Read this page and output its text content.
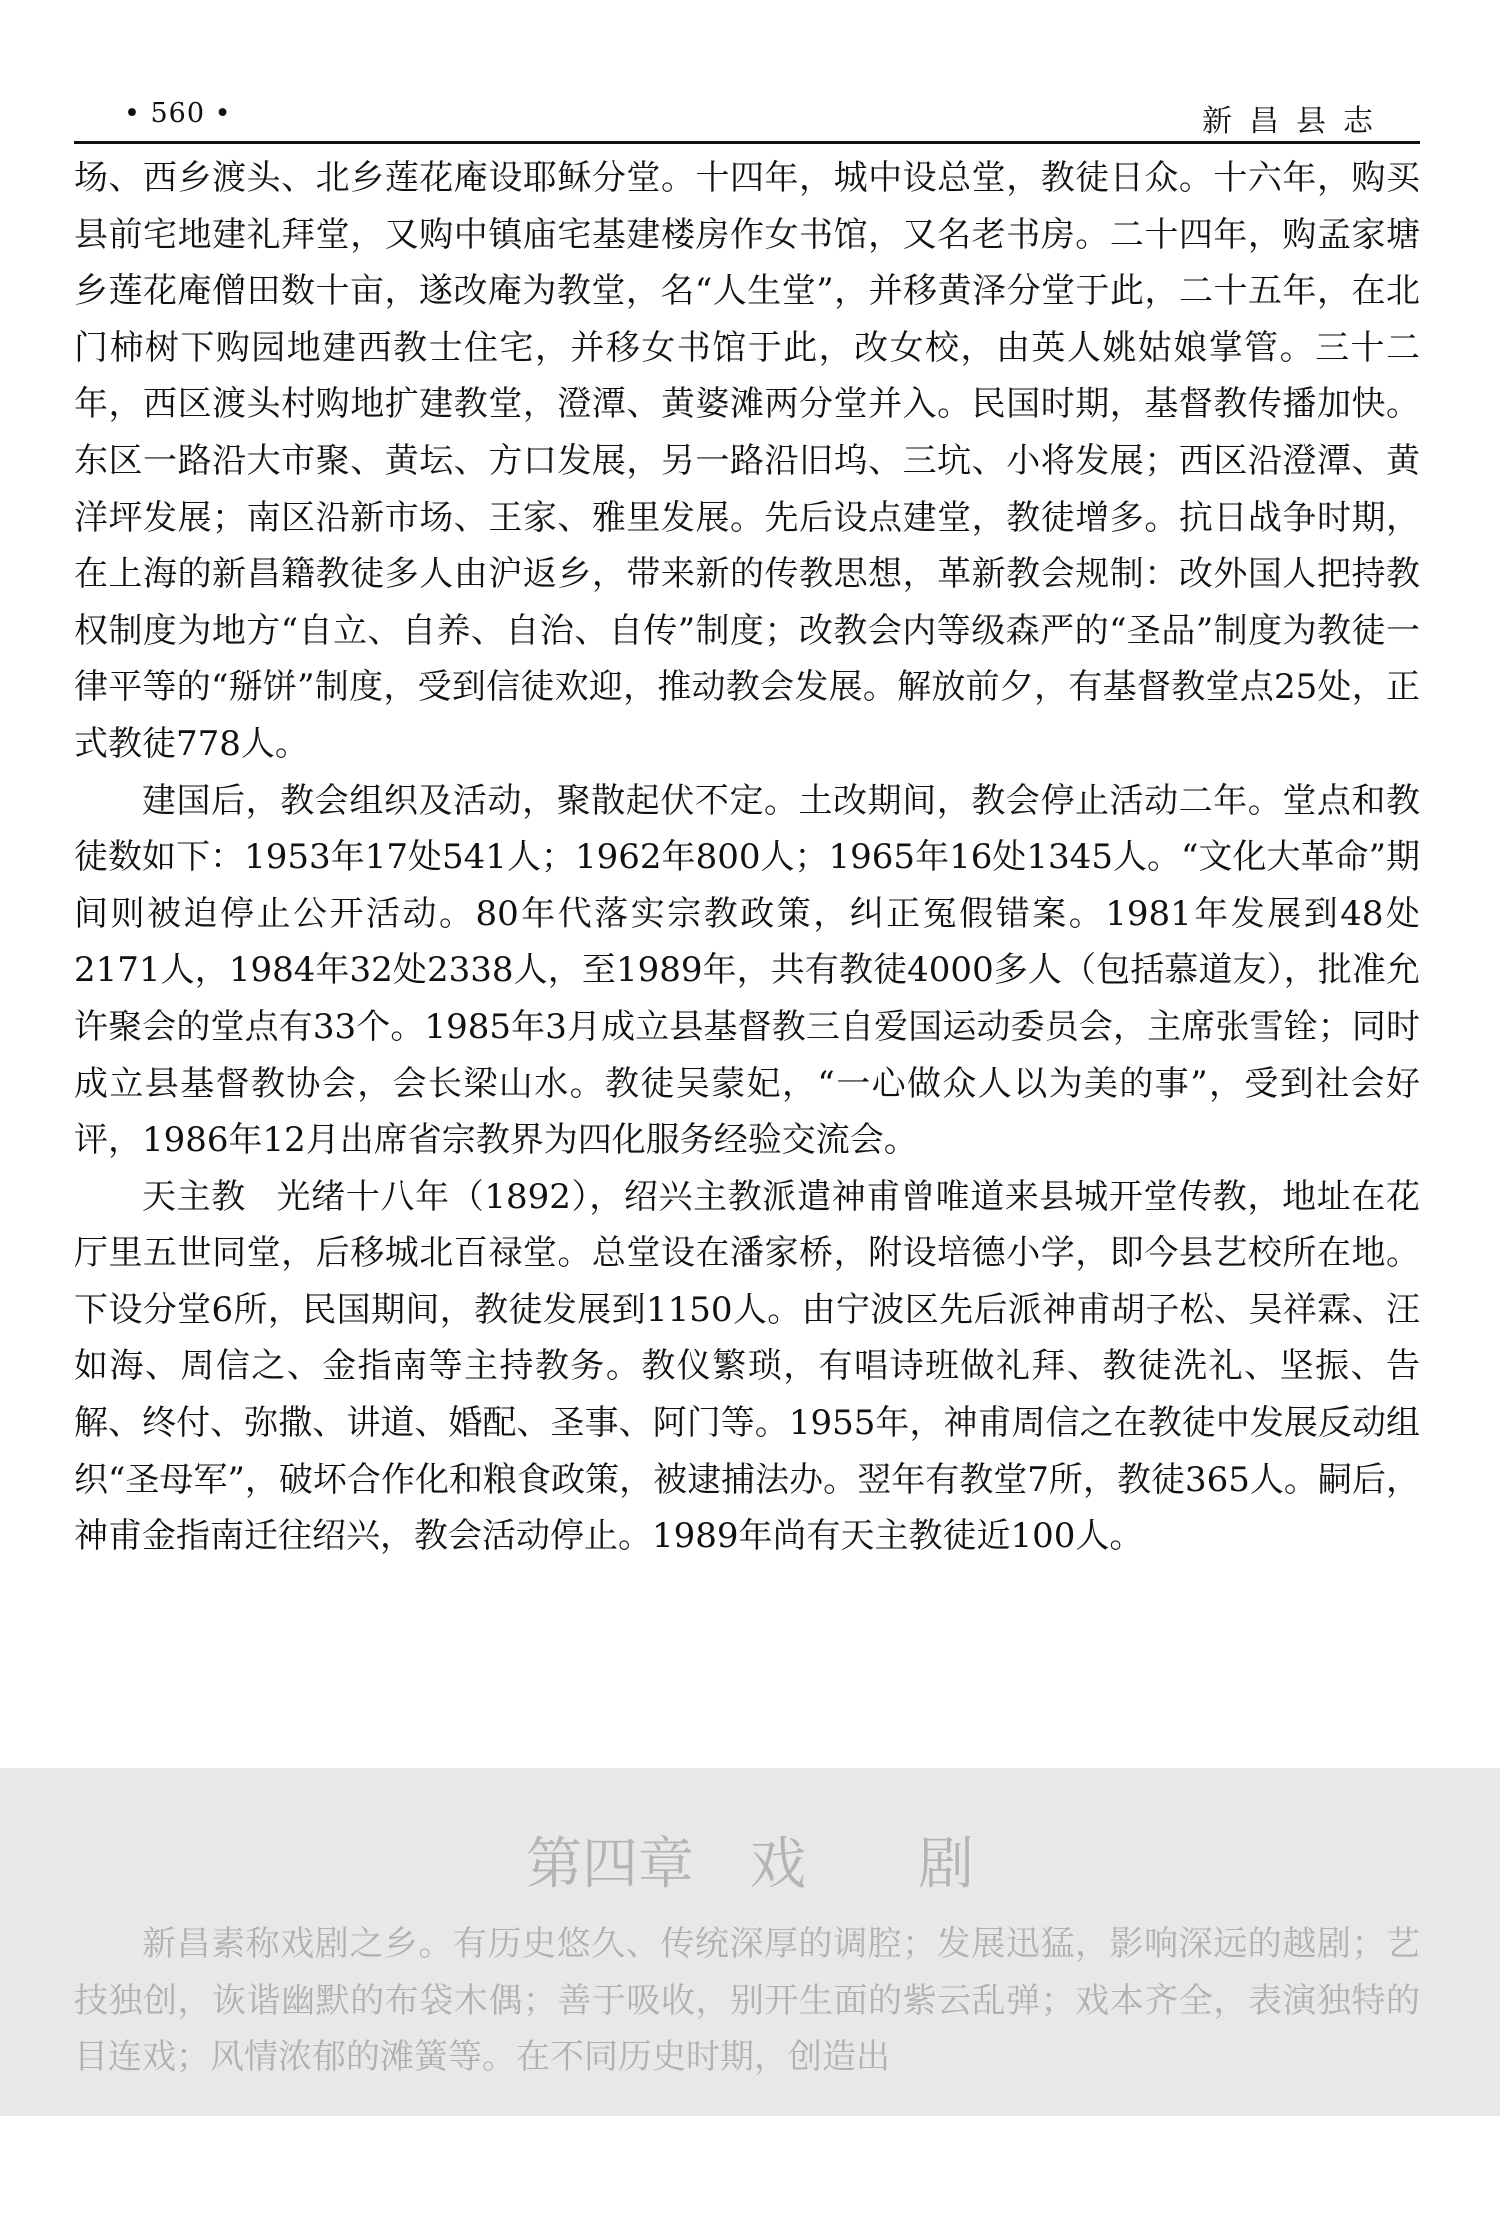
• 560 •	新昌县志

场、西乡渡头、北乡莲花庵设耶稣分堂。十四年，城中设总堂，教徒日众。十六年，购买县前宅地建礼拜堂，又购中镇庙宅基建楼房作女书馆，又名老书房。二十四年，购孟家塘乡莲花庵僧田数十亩，遂改庵为教堂，名“人生堂”，并移黄泽分堂于此，二十五年，在北门柿树下购园地建西教士住宅，并移女书馆于此，改女校，由英人姚姑娘掌管。三十二年，西区渡头村购地扩建教堂，澄潭、黄婆滩两分堂并入。民国时期，基督教传播加快。东区一路沿大市聚、黄坛、方口发展，另一路沿旧坞、三坑、小将发展；西区沿澄潭、黄洋坪发展；南区沿新市场、王家、雅里发展。先后设点建堂，教徒增多。抗日战争时期，在上海的新昌籍教徒多人由沪返乡，带来新的传教思想，革新教会规制：改外国人把持教权制度为地方“自立、自养、自治、自传”制度；改教会内等级森严的“圣品”制度为教徒一律平等的“掰饼”制度，受到信徒欢迎，推动教会发展。解放前夕，有基督教堂点25处，正式教徒778人。

建国后，教会组织及活动，聚散起伏不定。土改期间，教会停止活动二年。堂点和教徒数如下：1953年17处541人；1962年800人；1965年16处1345人。“文化大革命”期间则被迫停止公开活动。80年代落实宗教政策，纠正冤假错案。1981年发展到48处2171人，1984年32处2338人，至1989年，共有教徒4000多人（包括慕道友），批准允许聚会的堂点有33个。1985年3月成立县基督教三自爱国运动委员会，主席张雪铨；同时成立县基督教协会，会长梁山水。教徒吴蒙妃，“一心做众人以为美的事”，受到社会好评，1986年12月出席省宗教界为四化服务经验交流会。

天主教 光绪十八年（1892），绍兴主教派遣神甫曾唯道来县城开堂传教，地址在花厅里五世同堂，后移城北百禄堂。总堂设在潘家桥，附设培德小学，即今县艺校所在地。下设分堂6所，民国期间，教徒发展到1150人。由宁波区先后派神甫胡子松、吴祥霖、汪如海、周信之、金指南等主持教务。教仪繁琐，有唱诗班做礼拜、教徒洗礼、坚振、告解、终付、弥撒、讲道、婚配、圣事、阿门等。1955年，神甫周信之在教徒中发展反动组织“圣母军”，破坏合作化和粮食政策，被逮捕法办。翌年有教堂7所，教徒365人。嗣后，神甫金指南迁往绍兴，教会活动停止。1989年尚有天主教徒近100人。

第四章　戏　　剧

新昌素称戏剧之乡。有历史悠久、传统深厚的调腔；发展迅猛，影响深远的越剧；艺技独创，诙谐幽默的布袋木偶；善于吸收，别开生面的紫云乱弹；戏本齐全，表演独特的目连戏；风情浓郁的滩簧等。在不同历史时期，创造出
